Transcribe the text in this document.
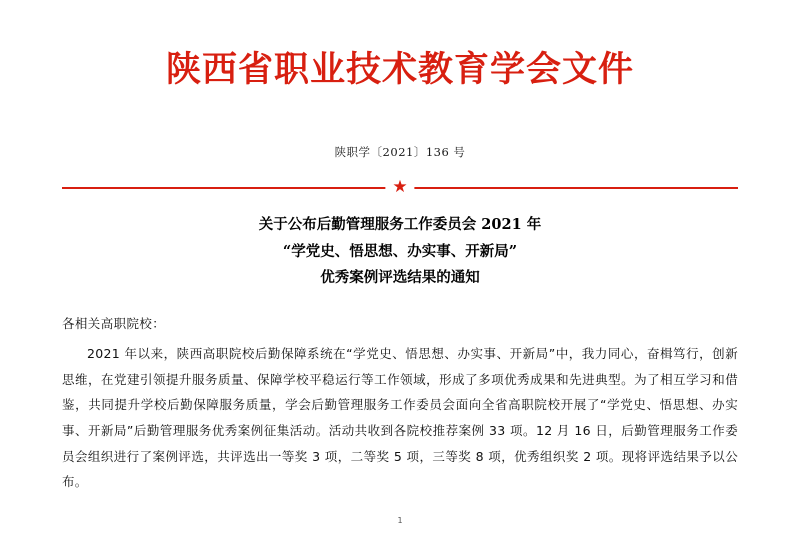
陕西省职业技术教育学会文件
陕职学〔2021〕136 号
★
关于公布后勤管理服务工作委员会 2021 年
“学党史、悟思想、办实事、开新局”
优秀案例评选结果的通知
各相关高职院校：
2021 年以来，陕西高职院校后勤保障系统在“学党史、悟思想、办实事、开新局”中，我力同心，奋楫笃行，创新思维，在党建引领提升服务质量、保障学校平稳运行等工作领域，形成了多项优秀成果和先进典型。为了相互学习和借鉴，共同提升学校后勤保障服务质量，学会后勤管理服务工作委员会面向全省高职院校开展了“学党史、悟思想、办实事、开新局”后勤管理服务优秀案例征集活动。活动共收到各院校推荐案例 33 项。12 月 16 日，后勤管理服务工作委员会组织进行了案例评选，共评选出一等奖 3 项，二等奖 5 项，三等奖 8 项，优秀组织奖 2 项。现将评选结果予以公布。
1
